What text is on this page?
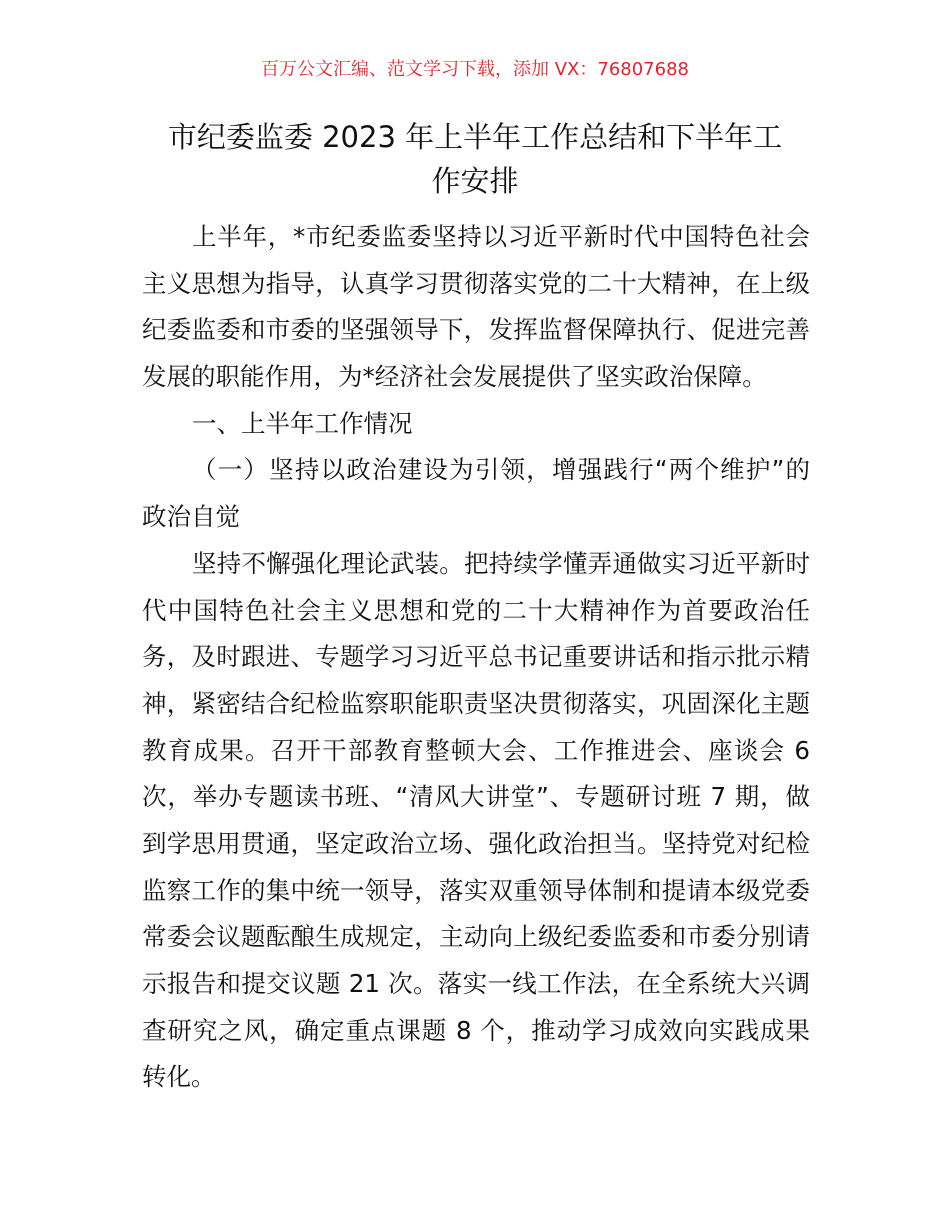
百万公文汇编、范文学习下载，添加 VX：76807688
市纪委监委 2023 年上半年工作总结和下半年工
作安排
上半年，*市纪委监委坚持以习近平新时代中国特色社会
主义思想为指导，认真学习贯彻落实党的二十大精神，在上级
纪委监委和市委的坚强领导下，发挥监督保障执行、促进完善
发展的职能作用，为*经济社会发展提供了坚实政治保障。
一、上半年工作情况
（一）坚持以政治建设为引领，增强践行“两个维护”的
政治自觉
坚持不懈强化理论武装。把持续学懂弄通做实习近平新时
代中国特色社会主义思想和党的二十大精神作为首要政治任
务，及时跟进、专题学习习近平总书记重要讲话和指示批示精
神，紧密结合纪检监察职能职责坚决贯彻落实，巩固深化主题
教育成果。召开干部教育整顿大会、工作推进会、座谈会 6
次，举办专题读书班、“清风大讲堂”、专题研讨班 7 期，做
到学思用贯通，坚定政治立场、强化政治担当。坚持党对纪检
监察工作的集中统一领导，落实双重领导体制和提请本级党委
常委会议题酝酿生成规定，主动向上级纪委监委和市委分别请
示报告和提交议题 21 次。落实一线工作法，在全系统大兴调
查研究之风，确定重点课题 8 个，推动学习成效向实践成果
转化。
